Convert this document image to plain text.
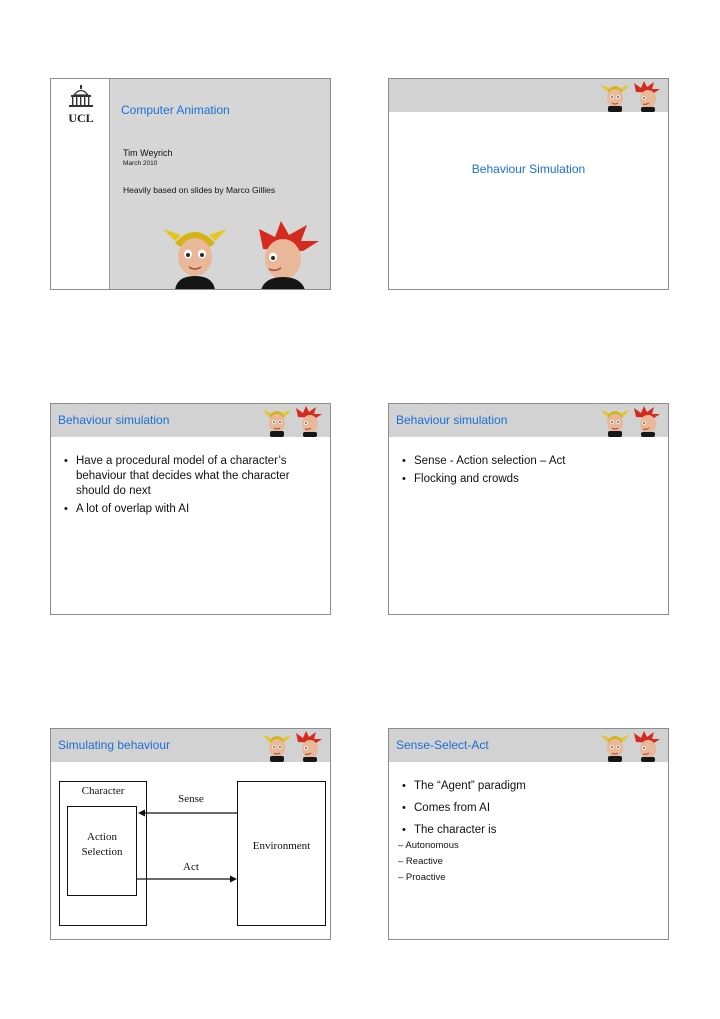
UCL
Computer Animation
Tim Weyrich
March 2010
Heavily based on slides by Marco Gillies
Behaviour Simulation
Behaviour simulation
• Have a procedural model of a character’s behaviour that decides what the character should do next
• A lot of overlap with AI
Behaviour simulation
• Sense - Action selection – Act
• Flocking and crowds
Simulating behaviour
Character
Action
Selection	Environment
Sense
Act
Sense-Select-Act
• The “Agent” paradigm
• Comes from AI
• The character is
– Autonomous
– Reactive
– Proactive
